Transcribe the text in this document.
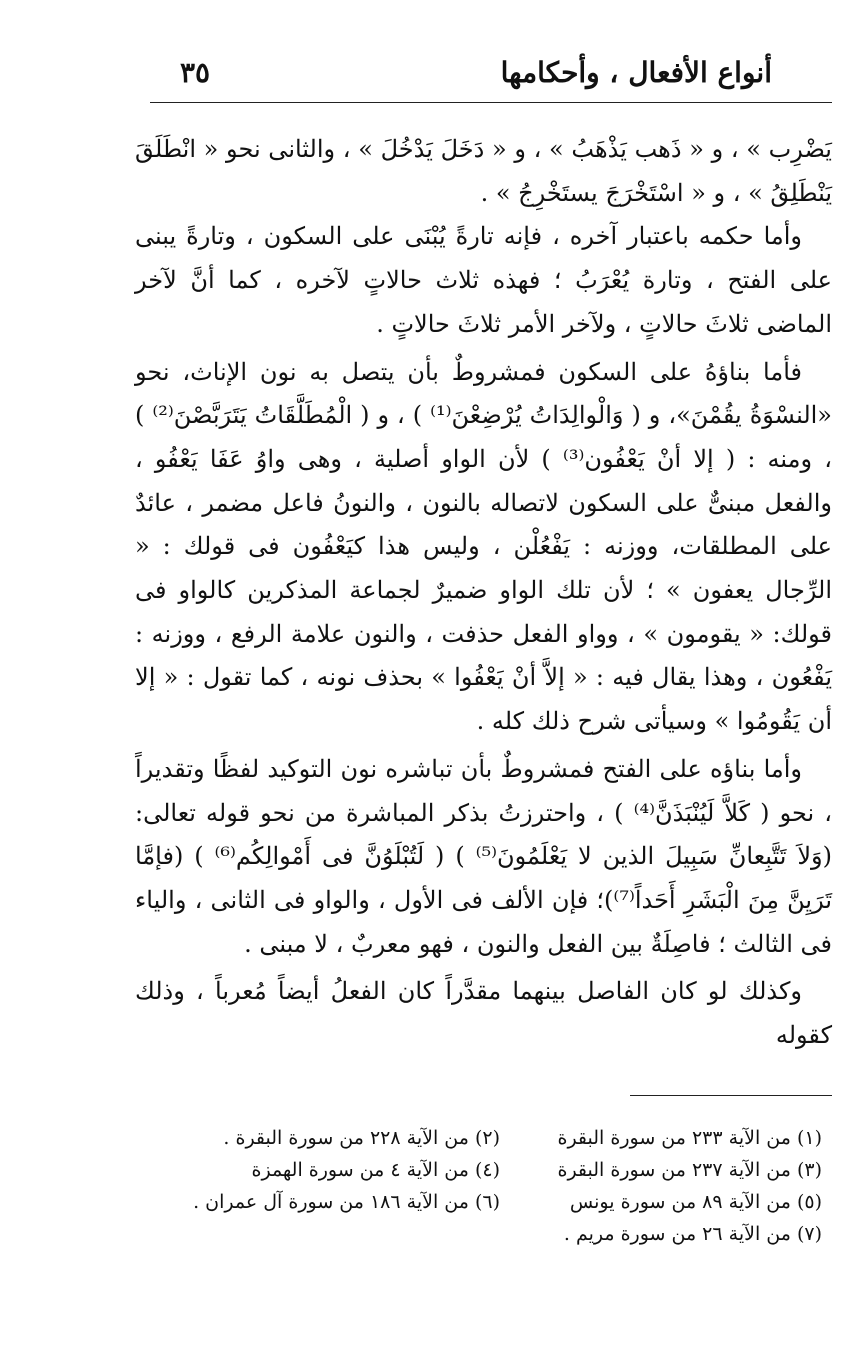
أنواع الأفعال ، وأحكامها
٣٥

يَضْرِب » ، و « ذَهب يَذْهَبُ » ، و « دَخَلَ يَدْخُلَ » ، والثانى نحو « انْطَلَقَ يَنْطَلِقُ » ، و « اسْتَخْرَجَ يستَخْرِجُ » .

وأما حكمه باعتبار آخره ، فإنه تارةً يُبْنَى على السكون ، وتارةً يبنى على الفتح ، وتارة يُعْرَبُ ؛ فهذه ثلاث حالاتٍ لآخره ، كما أنَّ لآخر الماضى ثلاثَ حالاتٍ ، ولآخر الأمر ثلاثَ حالاتٍ .

فأما بناؤهُ على السكون فمشروطٌ بأن يتصل به نون الإناث، نحو «النسْوَةُ يقُمْنَ»، و ( وَالْوالِدَاتُ يُرْضِعْنَ⁽¹⁾ ) ، و ( الْمُطَلَّقَاتُ يَتَرَبَّصْنَ⁽²⁾ ) ، ومنه : ( إلا أنْ يَعْفُون⁽³⁾ ) لأن الواو أصلية ، وهى واوُ عَفَا يَعْفُو ، والفعل مبنىٌّ على السكون لاتصاله بالنون ، والنونُ فاعل مضمر ، عائدٌ على المطلقات، ووزنه : يَفْعُلْن ، وليس هذا كيَعْفُون فى قولك : « الرِّجال يعفون » ؛ لأن تلك الواو ضميرٌ لجماعة المذكرين كالواو فى قولك: « يقومون » ، وواو الفعل حذفت ، والنون علامة الرفع ، ووزنه : يَفْعُون ، وهذا يقال فيه : « إلاَّ أنْ يَعْفُوا » بحذف نونه ، كما تقول : « إلا أن يَقُومُوا » وسيأتى شرح ذلك كله .

وأما بناؤه على الفتح فمشروطٌ بأن تباشره نون التوكيد لفظًا وتقديراً ، نحو ( كَلاَّ لَيُنْبَذَنَّ⁽⁴⁾ ) ، واحترزتُ بذكر المباشرة من نحو قوله تعالى: (وَلاَ تَتَّبِعانِّ سَبِيلَ الذين لا يَعْلَمُونَ⁽⁵⁾ ) ( لَتُبْلَوُنَّ فى أَمْوالِكُم⁽⁶⁾ ) (فإمَّا تَرَيِنَّ مِنَ الْبَشَرِ أَحَداً⁽⁷⁾)؛ فإن الألف فى الأول ، والواو فى الثانى ، والياء فى الثالث ؛ فاصِلَةٌ بين الفعل والنون ، فهو معربٌ ، لا مبنى .

وكذلك لو كان الفاصل بينهما مقدَّراً كان الفعلُ أيضاً مُعرباً ، وذلك كقوله

(١) من الآية ٢٣٣ من سورة البقرة
(٢) من الآية ٢٢٨ من سورة البقرة .
(٣) من الآية ٢٣٧ من سورة البقرة
(٤) من الآية ٤ من سورة الهمزة
(٥) من الآية ٨٩ من سورة يونس
(٦) من الآية ١٨٦ من سورة آل عمران .
(٧) من الآية ٢٦ من سورة مريم .
